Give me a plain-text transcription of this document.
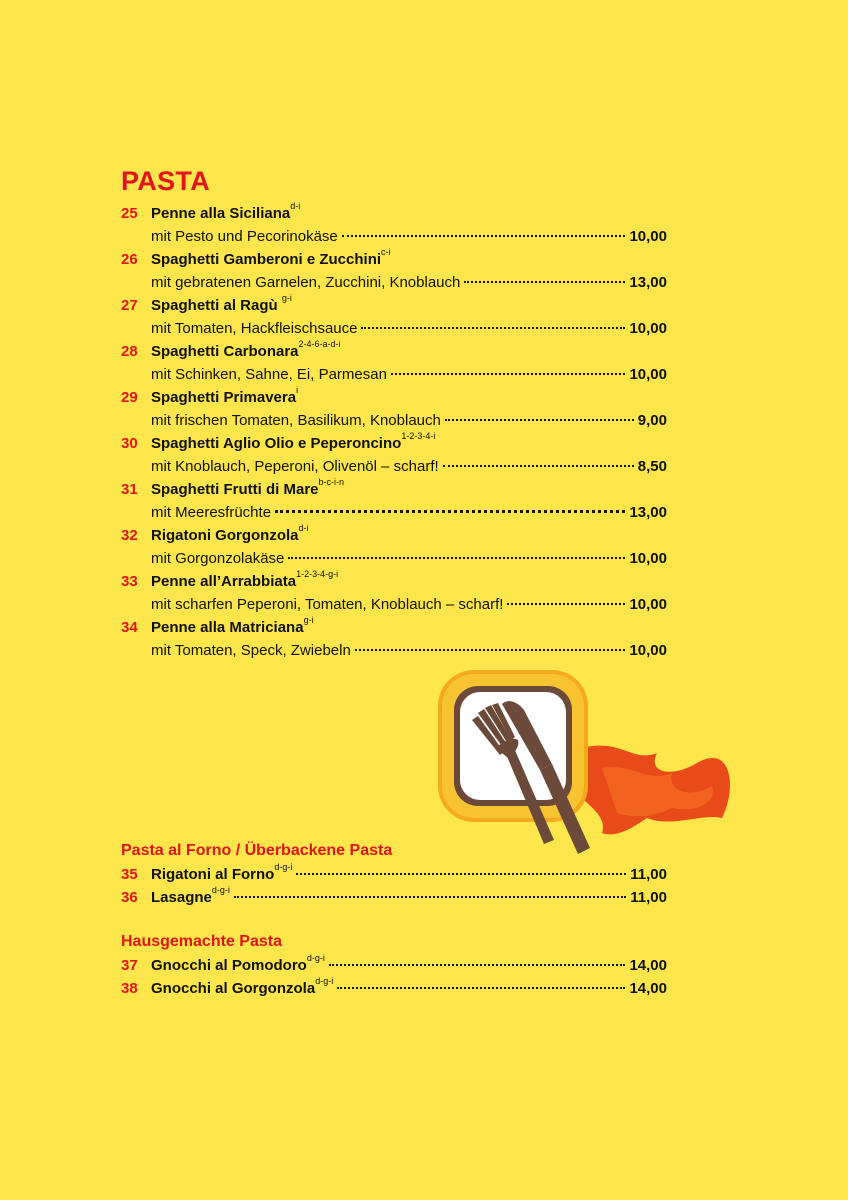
PASTA
25 Penne alla Siciliana$^{d-i}$
mit Pesto und Pecorinokäse	10,00
26 Spaghetti Gamberoni e Zucchini$^{c-i}$
mit gebratenen Garnelen, Zucchini, Knoblauch	13,00
27 Spaghetti al Ragù $^{g-i}$
mit Tomaten, Hackfleischsauce	10,00
28 Spaghetti Carbonara$^{2-4-6-a-d-i}$
mit Schinken, Sahne, Ei, Parmesan	10,00
29 Spaghetti Primavera$^i$
mit frischen Tomaten, Basilikum, Knoblauch	9,00
30 Spaghetti Aglio Olio e Peperoncino$^{1-2-3-4-i}$
mit Knoblauch, Peperoni, Olivenöl – scharf!	8,50
31 Spaghetti Frutti di Mare$^{b-c-i-n}$
mit Meeresfrüchte	13,00
32 Rigatoni Gorgonzola$^{d-i}$
mit Gorgonzolakäse	10,00
33 Penne all’Arrabbiata$^{1-2-3-4-g-i}$
mit scharfen Peperoni, Tomaten, Knoblauch – scharf!	10,00
34 Penne alla Matriciana$^{g-i}$
mit Tomaten, Speck, Zwiebeln	10,00
Pasta al Forno / Überbackene Pasta
35 Rigatoni al Forno$^{d-g-i}$	11,00
36 Lasagne$^{d-g-i}$	11,00
Hausgemachte Pasta
37 Gnocchi al Pomodoro$^{d-g-i}$	14,00
38 Gnocchi al Gorgonzola$^{d-g-i}$	14,00
